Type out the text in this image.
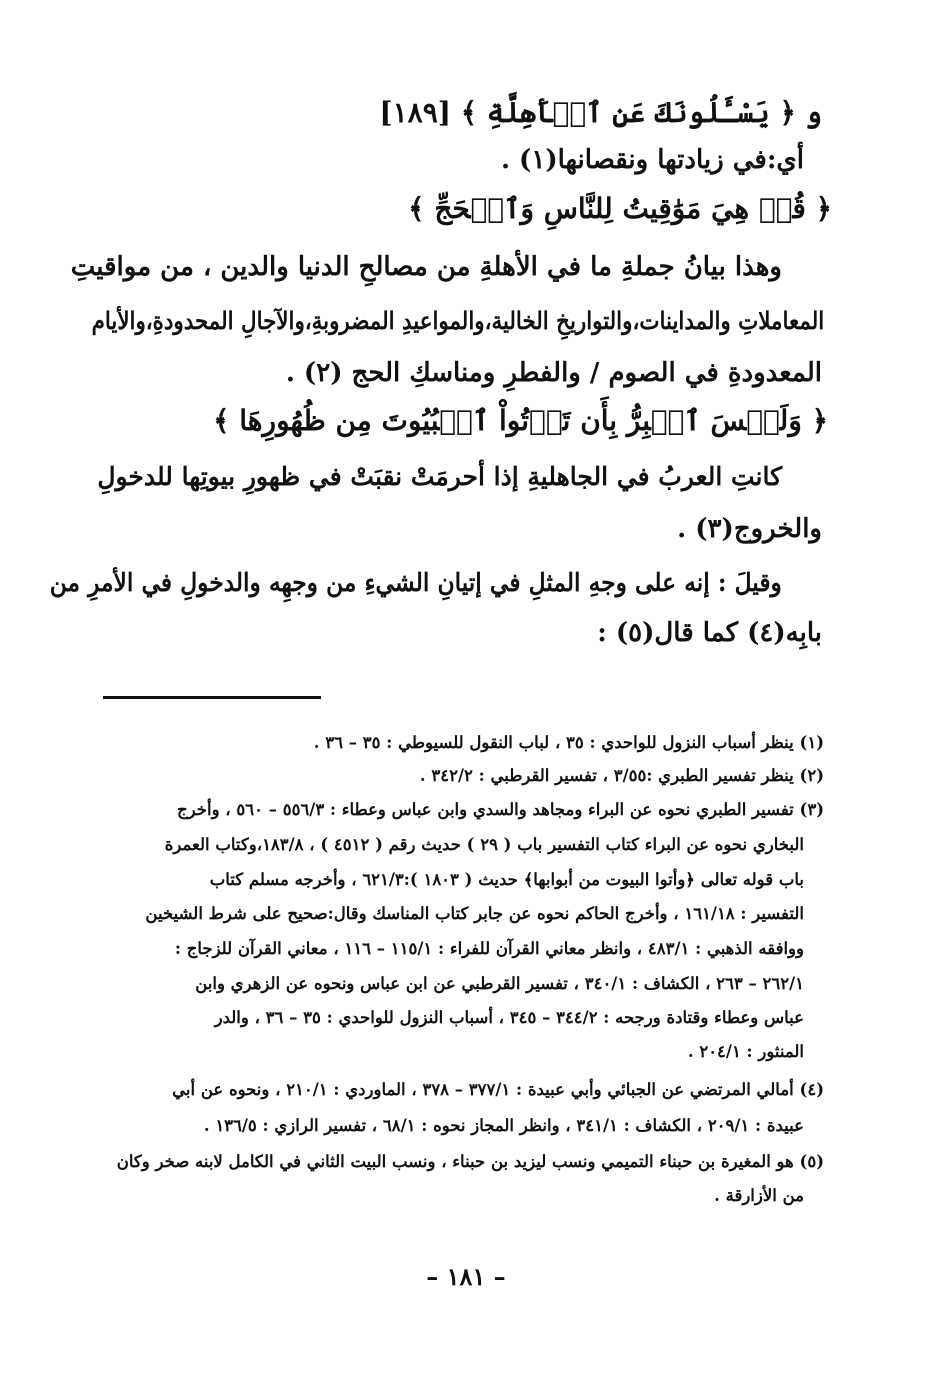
و ﴿ يَسْـَٔلُونَكَ عَنِ ٱلۡأَهِلَّةِ ﴾ [١٨٩]
أي:في زيادتها ونقصانها(١) .
﴿ قُلۡ هِيَ مَوَٰقِيتُ لِلنَّاسِ وَٱلۡحَجِّ ﴾
وهذا بيانُ جملةِ ما في الأهلةِ من مصالحِ الدنيا والدين ، من مواقيتِ
المعاملاتِ والمداينات،والتواريخِ الخالية،والمواعيدِ المضروبةِ،والآجالِ المحدودةِ،والأيام
المعدودةِ في الصوم / والفطرِ ومناسكِ الحج (٢) .
﴿ وَلَيۡسَ ٱلۡبِرُّ بِأَن تَأۡتُواْ ٱلۡبُيُوتَ مِن ظُهُورِهَا ﴾
كانتِ العربُ في الجاهليةِ إذا أحرمَتْ نقبَتْ في ظهورِ بيوتِها للدخولِ
والخروج(٣) .
وقيلَ : إنه على وجهِ المثلِ في إتيانِ الشيءِ من وجهِه والدخولِ في الأمرِ من
بابِه(٤) كما قال(٥) :
(١) ينظر أسباب النزول للواحدي : ٣٥ ، لباب النقول للسيوطي : ٣٥ – ٣٦ .
(٢) ينظر تفسير الطبري :٣/٥٥ ، تفسير القرطبي : ٣٤٢/٢ .
(٣) تفسير الطبري نحوه عن البراء ومجاهد والسدي وابن عباس وعطاء : ٥٥٦/٣ – ٥٦٠ ، وأخرج
البخاري نحوه عن البراء كتاب التفسير باب ( ٢٩ ) حديث رقم ( ٤٥١٢ ) ، ١٨٣/٨،وكتاب العمرة
باب قوله تعالى ﴿وأتوا البيوت من أبوابها﴾ حديث ( ١٨٠٣ ):٦٢١/٣ ، وأخرجه مسلم كتاب
التفسير : ١٦١/١٨ ، وأخرج الحاكم نحوه عن جابر كتاب المناسك وقال:صحيح على شرط الشيخين
ووافقه الذهبي : ٤٨٣/١ ، وانظر معاني القرآن للفراء : ١١٥/١ – ١١٦ ، معاني القرآن للزجاج :
٢٦٢/١ – ٢٦٣ ، الكشاف : ٣٤٠/١ ، تفسير القرطبي عن ابن عباس ونحوه عن الزهري وابن
عباس وعطاء وقتادة ورجحه : ٣٤٤/٢ – ٣٤٥ ، أسباب النزول للواحدي : ٣٥ – ٣٦ ، والدر
المنثور : ٢٠٤/١ .
(٤) أمالي المرتضي عن الجبائي وأبي عبيدة : ٣٧٧/١ – ٣٧٨ ، الماوردي : ٢١٠/١ ، ونحوه عن أبي
عبيدة : ٢٠٩/١ ، الكشاف : ٣٤١/١ ، وانظر المجاز نحوه : ٦٨/١ ، تفسير الرازي : ١٣٦/٥ .
(٥) هو المغيرة بن حبناء التميمي ونسب ليزيد بن حبناء ، ونسب البيت الثاني في الكامل لابنه صخر وكان
من الأزارقة .
– ١٨١ –
